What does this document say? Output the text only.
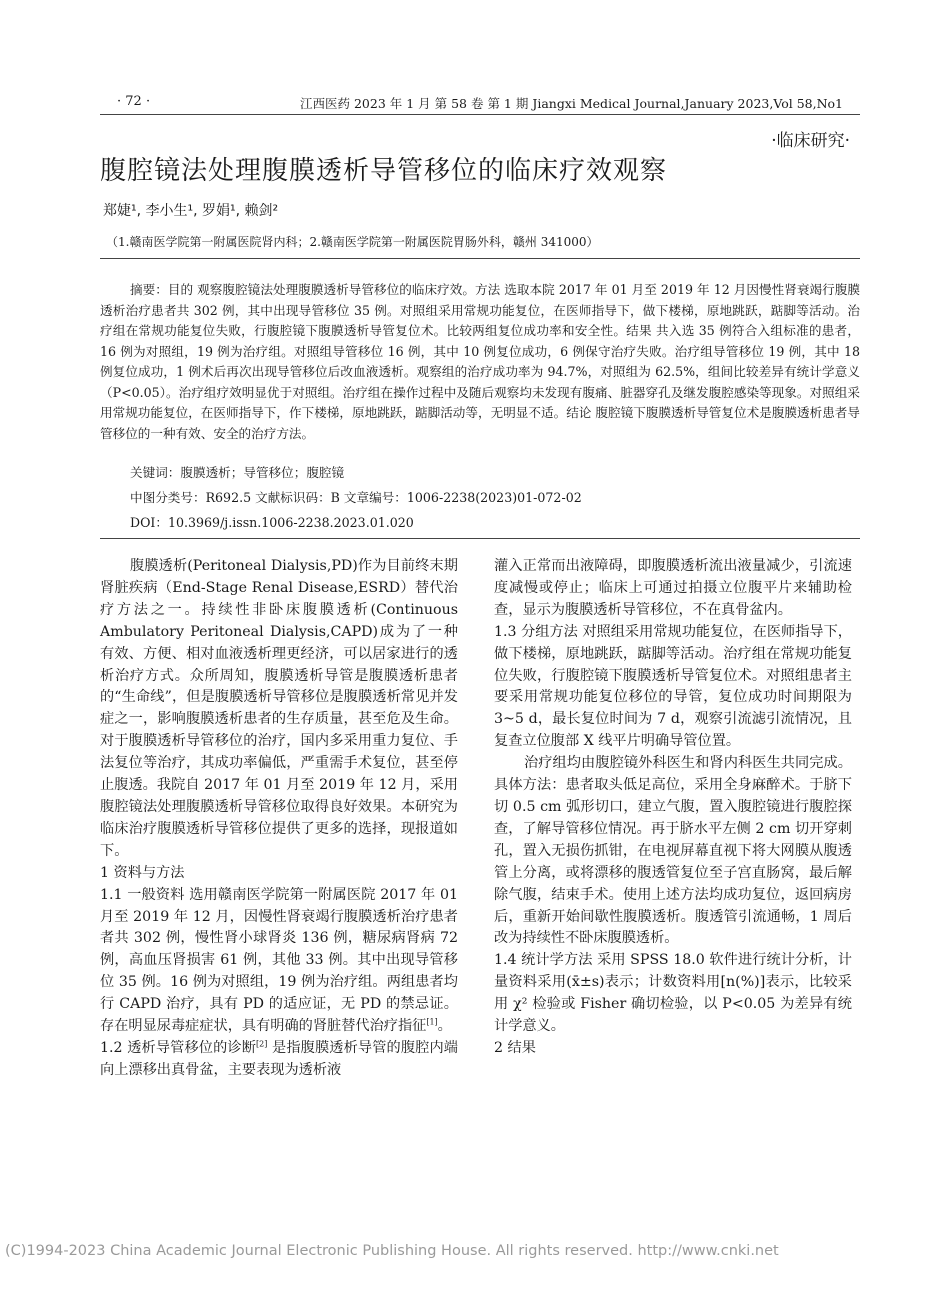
· 72 ·	江西医药 2023 年 1 月 第 58 卷 第 1 期 Jiangxi Medical Journal,January 2023,Vol 58,No1
·临床研究·
腹腔镜法处理腹膜透析导管移位的临床疗效观察
郑婕¹, 李小生¹, 罗娟¹, 赖剑²
（1.赣南医学院第一附属医院肾内科；2.赣南医学院第一附属医院胃肠外科，赣州 341000）

摘要：目的 观察腹腔镜法处理腹膜透析导管移位的临床疗效。方法 选取本院 2017 年 01 月至 2019 年 12 月因慢性肾衰竭行腹膜透析治疗患者共 302 例，其中出现导管移位 35 例。对照组采用常规功能复位，在医师指导下，做下楼梯，原地跳跃，踮脚等活动。治疗组在常规功能复位失败，行腹腔镜下腹膜透析导管复位术。比较两组复位成功率和安全性。结果 共入选 35 例符合入组标准的患者，16 例为对照组，19 例为治疗组。对照组导管移位 16 例，其中 10 例复位成功，6 例保守治疗失败。治疗组导管移位 19 例，其中 18 例复位成功，1 例术后再次出现导管移位后改血液透析。观察组的治疗成功率为 94.7%，对照组为 62.5%，组间比较差异有统计学意义（P<0.05）。治疗组疗效明显优于对照组。治疗组在操作过程中及随后观察均未发现有腹痛、脏器穿孔及继发腹腔感染等现象。对照组采用常规功能复位，在医师指导下，作下楼梯，原地跳跃，踮脚活动等，无明显不适。结论 腹腔镜下腹膜透析导管复位术是腹膜透析患者导管移位的一种有效、安全的治疗方法。

关键词：腹膜透析；导管移位；腹腔镜
中图分类号：R692.5 文献标识码：B 文章编号：1006-2238(2023)01-072-02
DOI：10.3969/j.issn.1006-2238.2023.01.020

腹膜透析(Peritoneal Dialysis,PD)作为目前终末期肾脏疾病（End-Stage Renal Disease,ESRD）替代治疗方法之一。持续性非卧床腹膜透析(Continuous Ambulatory Peritoneal Dialysis,CAPD)成为了一种有效、方便、相对血液透析理更经济，可以居家进行的透析治疗方式。众所周知，腹膜透析导管是腹膜透析患者的“生命线”，但是腹膜透析导管移位是腹膜透析常见并发症之一，影响腹膜透析患者的生存质量，甚至危及生命。对于腹膜透析导管移位的治疗，国内多采用重力复位、手法复位等治疗，其成功率偏低，严重需手术复位，甚至停止腹透。我院自 2017 年 01 月至 2019 年 12 月，采用腹腔镜法处理腹膜透析导管移位取得良好效果。本研究为临床治疗腹膜透析导管移位提供了更多的选择，现报道如下。

1 资料与方法

1.1 一般资料 选用赣南医学院第一附属医院 2017 年 01 月至 2019 年 12 月，因慢性肾衰竭行腹膜透析治疗患者者共 302 例，慢性肾小球肾炎 136 例，糖尿病肾病 72 例，高血压肾损害 61 例，其他 33 例。其中出现导管移位 35 例。16 例为对照组，19 例为治疗组。两组患者均行 CAPD 治疗，具有 PD 的适应证，无 PD 的禁忌证。存在明显尿毒症症状，具有明确的肾脏替代治疗指征[1]。

1.2 透析导管移位的诊断[2] 是指腹膜透析导管的腹腔内端向上漂移出真骨盆，主要表现为透析液

灌入正常而出液障碍，即腹膜透析流出液量减少，引流速度减慢或停止；临床上可通过拍摄立位腹平片来辅助检查，显示为腹膜透析导管移位，不在真骨盆内。

1.3 分组方法 对照组采用常规功能复位，在医师指导下，做下楼梯，原地跳跃，踮脚等活动。治疗组在常规功能复位失败，行腹腔镜下腹膜透析导管复位术。对照组患者主要采用常规功能复位移位的导管，复位成功时间期限为 3~5 d，最长复位时间为 7 d，观察引流滤引流情况，且复查立位腹部 X 线平片明确导管位置。

治疗组均由腹腔镜外科医生和肾内科医生共同完成。具体方法：患者取头低足高位，采用全身麻醉术。于脐下切 0.5 cm 弧形切口，建立气腹，置入腹腔镜进行腹腔探查，了解导管移位情况。再于脐水平左侧 2 cm 切开穿刺孔，置入无损伤抓钳，在电视屏幕直视下将大网膜从腹透管上分离，或将漂移的腹透管复位至子宫直肠窝，最后解除气腹，结束手术。使用上述方法均成功复位，返回病房后，重新开始间歇性腹膜透析。腹透管引流通畅，1 周后改为持续性不卧床腹膜透析。

1.4 统计学方法 采用 SPSS 18.0 软件进行统计分析，计量资料采用(x̄±s)表示；计数资料用[n(%)]表示，比较采用 χ² 检验或 Fisher 确切检验，以 P<0.05 为差异有统计学意义。

2 结果

(C)1994-2023 China Academic Journal Electronic Publishing House. All rights reserved. http://www.cnki.net
